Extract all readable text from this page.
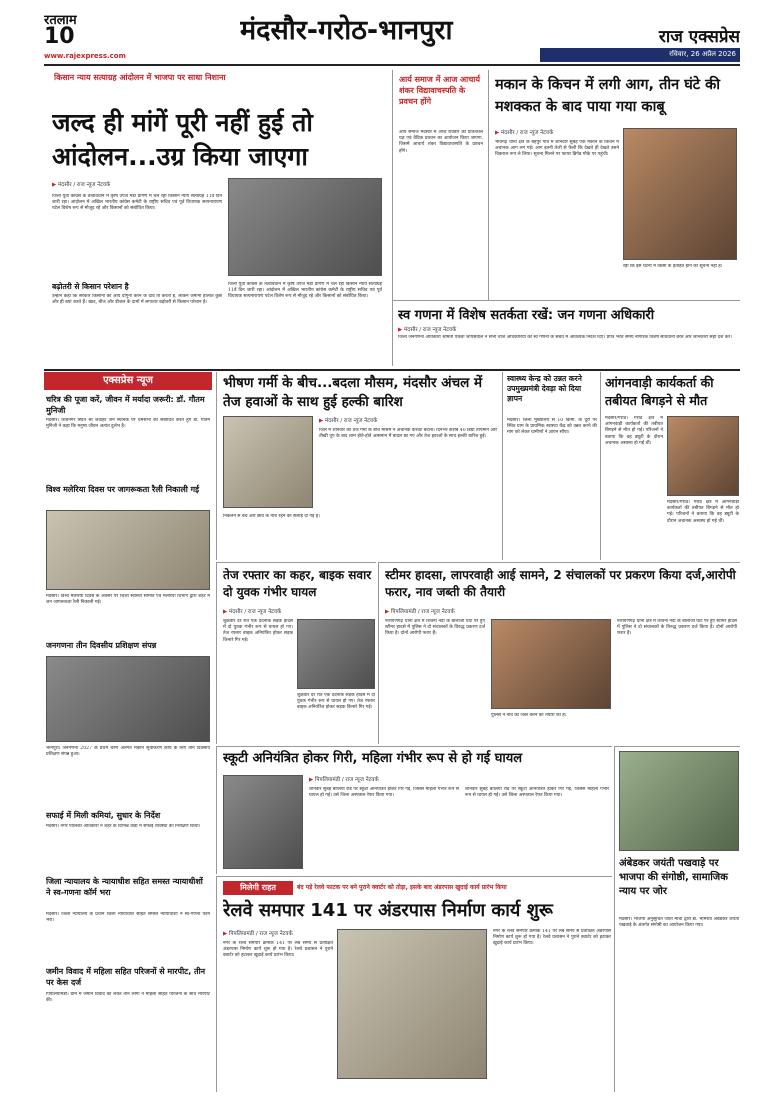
रतलाम
10
www.rajexpress.com
मंदसौर-गरोठ-भानपुरा	राज एक्सप्रेस
रविवार, 26 अप्रैल 2026
किसान न्याय सत्याग्रह आंदोलन में भाजपा पर साधा निशाना
जल्द ही मांगें पूरी नहीं हुई तो आंदोलन...उग्र किया जाएगा
▶ मंदसौर / राज न्यूज नेटवर्क
जिला युवा कांग्रेस के तत्वावधान में कृषि उपज मंडी प्रांगण में चल रहा किसान न्याय सत्याग्रह 11वें दिन जारी रहा। आंदोलन में अखिल भारतीय कांग्रेस कमेटी के राष्ट्रीय सचिव एवं पूर्व विधायक सत्यनारायण पटेल विशेष रूप से मौजूद रहे और किसानों को संबोधित किया।
बढ़ोतरी से किसान परेशान है
उन्होंने कहा कि सरकार किसानों की आय दोगुनी करने के दावे तो करती है, लेकिन जमीनी हालात कुछ और ही बयां करते हैं। खाद, बीज और डीजल के दामों में लगातार बढ़ोतरी से किसान परेशान है।
जिला युवा कांग्रेस के तत्वावधान में कृषि उपज मंडी प्रांगण में चल रहा किसान न्याय सत्याग्रह 11वें दिन जारी रहा। आंदोलन में अखिल भारतीय कांग्रेस कमेटी के राष्ट्रीय सचिव एवं पूर्व विधायक सत्यनारायण पटेल विशेष रूप से मौजूद रहे और किसानों को संबोधित किया।
आर्य समाज में आज आचार्य शंकर विद्यावाचस्पति के प्रवचन होंगे
आर्य समाज मंदसौर में आज रविवार को प्रातःकाल यज्ञ एवं वैदिक प्रवचन का आयोजन किया जाएगा, जिसमें आचार्य शंकर विद्यावाचस्पति के प्रवचन होंगे।
मकान के किचन में लगी आग, तीन घंटे की मशक्कत के बाद पाया गया काबू
▶ मंदसौर / राज न्यूज नेटवर्क
भावगढ़ थाना क्षेत्र के बेहपुर गांव में शनिवार सुबह एक मकान के किचन में अचानक आग लग गई। आग इतनी तेजी से फैली कि देखते ही देखते उसने विकराल रूप ले लिया। सूचना मिलने पर फायर ब्रिगेड मौके पर पहुंची।
रही कि इस घटना में किसी के हताहत होने की सूचना नहीं है।
स्व गणना में विशेष सतर्कता रखें: जन गणना अधिकारी
▶ मंदसौर / राज न्यूज नेटवर्क
जिला जनगणना अधिकारी श्रीमती एकता जायसवाल ने सभी चार्ज अधिकारियों को स्व गणना के संबंध में आवश्यक निर्देश दिए। प्रपत्र भरते समय नागरिक विशेष सावधानी बरतें और जानकारी सही दर्ज करें।
एक्सप्रेस न्यूज
चरित्र की पूजा करें, जीवन में मर्यादा जरूरी: डॉ. गौतम मुनिजी
मंदसौर। शिवनगर स्थित श्री जवाहर जैन स्थानक पर धर्मसभा को संबोधित करते हुए डॉ. गौतम मुनिजी ने कहा कि मनुष्य जीवन अत्यंत दुर्लभ है।
विश्व मलेरिया दिवस पर जागरूकता रैली निकाली गई
मंदसौर। विश्व मलेरिया दिवस के अवसर पर जिला स्वास्थ्य समिति एवं मलेरिया विभाग द्वारा शहर में जन जागरूकता रैली निकाली गई।
जनगणना तीन दिवसीय प्रशिक्षण संपन्न
भानपुरा। जनगणना 2027 के प्रथम चरण अंतर्गत मकान सूचीकरण कार्य के लिए तीन दिवसीय प्रशिक्षण संपन्न हुआ।
सफाई में मिली कमियां, सुधार के निर्देश
मंदसौर। नगर पालिका अधिकारी ने शहर के विभिन्न वार्डों में सफाई व्यवस्था का निरीक्षण किया।
जिला न्यायालय के न्यायाधीश सहित समस्त न्यायाधीशों ने स्व-गणना कॉर्म भरा
मंदसौर। जिला न्यायालय के प्रधान जिला न्यायाधीश सहित समस्त न्यायाधीशों ने स्व-गणना फॉर्म भरा।
जमीन विवाद में महिला सहित परिजनों से मारपीट, तीन पर केस दर्ज
पिपलियामंडी। ग्राम में जमीन विवाद को लेकर तीन लोगों ने महिला सहित परिजनों के साथ मारपीट की।
भीषण गर्मी के बीच...बदला मौसम, मंदसौर अंचल में तेज हवाओं के साथ हुई हल्की बारिश
▶ मंदसौर / राज न्यूज नेटवर्क
जिले में शनिवार को तेज गर्मी के बीच मौसम ने अचानक करवट बदली। दिनभर करीब 40 डिग्री तापमान और तीखी धूप के बाद शाम होते-होते आसमान में बादल छा गए और तेज हवाओं के साथ हल्की बारिश हुई।
निकलने से बचें और छांव के नीचे रहने की सलाह दी गई है।
स्वास्थ्य केन्द्र को उन्नत करने उपमुख्यमंत्री देवड़ा को दिया ज्ञापन
मंदसौर। जिला मुख्यालय से 10 किमी. के दूरी पर स्थित ग्राम के प्राथमिक स्वास्थ्य केंद्र को उन्नत करने की मांग को लेकर ग्रामीणों ने ज्ञापन सौंपा।
आंगनवाड़ी कार्यकर्ता की तबीयत बिगड़ने से मौत
मंदसौर/गरोठ। गरोठ क्षेत्र में आंगनवाड़ी कार्यकर्ता की तबीयत बिगड़ने से मौत हो गई। परिजनों ने बताया कि वह ड्यूटी के दौरान अचानक अस्वस्थ हो गई थीं।
मंदसौर/गरोठ। गरोठ क्षेत्र में आंगनवाड़ी कार्यकर्ता की तबीयत बिगड़ने से मौत हो गई। परिजनों ने बताया कि वह ड्यूटी के दौरान अचानक अस्वस्थ हो गई थीं।
तेज रफ्तार का कहर, बाइक सवार दो युवक गंभीर घायल
▶ मंदसौर / राज न्यूज नेटवर्क
शुक्रवार देर रात एक दर्दनाक सड़क हादसे में दो युवक गंभीर रूप से घायल हो गए। तेज रफ्तार बाइक अनियंत्रित होकर सड़क किनारे गिर गई।
शुक्रवार देर रात एक दर्दनाक सड़क हादसे में दो युवक गंभीर रूप से घायल हो गए। तेज रफ्तार बाइक अनियंत्रित होकर सड़क किनारे गिर गई।
स्टीमर हादसा, लापरवाही आई सामने, 2 संचालकों पर प्रकरण किया दर्ज,आरोपी फरार, नाव जब्ती की तैयारी
▶ पिपलियामंडी / राज न्यूज नेटवर्क
नारायणगढ़ थाना क्षेत्र में शिवना नदी के बालाजी घाट पर हुए स्टीमर हादसे में पुलिस ने दो संचालकों के विरुद्ध प्रकरण दर्ज किया है। दोनों आरोपी फरार हैं।
पुलिस ने नाव को जब्त करने की तैयारी की है।
नारायणगढ़ थाना क्षेत्र में शिवना नदी के बालाजी घाट पर हुए स्टीमर हादसे में पुलिस ने दो संचालकों के विरुद्ध प्रकरण दर्ज किया है। दोनों आरोपी फरार हैं।
स्कूटी अनियंत्रित होकर गिरी, महिला गंभीर रूप से हो गई घायल
▶ पिपलियामंडी / राज न्यूज नेटवर्क
शनिवार सुबह बोलिया रोड पर स्कूटी अनियंत्रित होकर गिर गई, जिससे महिला गंभीर रूप से घायल हो गई। उसे जिला अस्पताल रेफर किया गया।
शनिवार सुबह बोलिया रोड पर स्कूटी अनियंत्रित होकर गिर गई, जिससे महिला गंभीर रूप से घायल हो गई। उसे जिला अस्पताल रेफर किया गया।
अंबेडकर जयंती पखवाड़े पर भाजपा की संगोष्ठी, सामाजिक न्याय पर जोर
मंदसौर। भाजपा अनुसूचित जाति मोर्चा द्वारा डॉ. भीमराव अंबेडकर जयंती पखवाड़े के अंतर्गत संगोष्ठी का आयोजन किया गया।
मिलेगी राहत	बंद पड़े रेलवे फाटक पर बने पुराने क्वार्टर को तोड़ा, इसके बाद अंडरपास खुदाई कार्य प्रारंभ किया
रेलवे समपार 141 पर अंडरपास निर्माण कार्य शुरू
▶ पिपलियामंडी / राज न्यूज नेटवर्क
नगर के रेलवे समपार क्रमांक 141 पर लंबे समय से प्रतीक्षित अंडरपास निर्माण कार्य शुरू हो गया है। रेलवे प्रशासन ने पुराने क्वार्टर को हटाकर खुदाई कार्य प्रारंभ किया।
नगर के रेलवे समपार क्रमांक 141 पर लंबे समय से प्रतीक्षित अंडरपास निर्माण कार्य शुरू हो गया है। रेलवे प्रशासन ने पुराने क्वार्टर को हटाकर खुदाई कार्य प्रारंभ किया।
